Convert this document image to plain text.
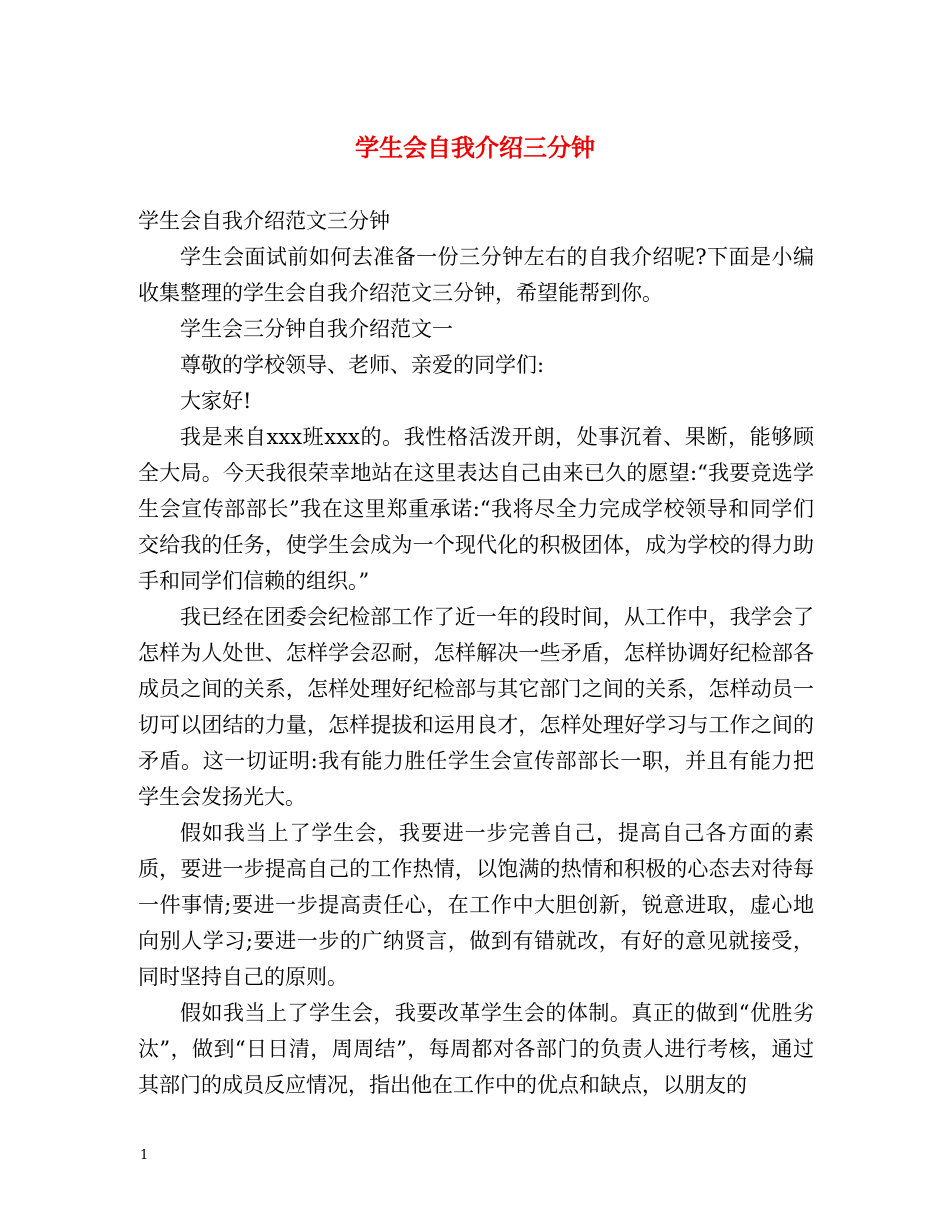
学生会自我介绍三分钟

学生会自我介绍范文三分钟

学生会面试前如何去准备一份三分钟左右的自我介绍呢?下面是小编收集整理的学生会自我介绍范文三分钟，希望能帮到你。

学生会三分钟自我介绍范文一

尊敬的学校领导、老师、亲爱的同学们:

大家好!

我是来自xxx班xxx的。我性格活泼开朗，处事沉着、果断，能够顾全大局。今天我很荣幸地站在这里表达自己由来已久的愿望:“我要竞选学生会宣传部部长”我在这里郑重承诺:“我将尽全力完成学校领导和同学们交给我的任务，使学生会成为一个现代化的积极团体，成为学校的得力助手和同学们信赖的组织。”

我已经在团委会纪检部工作了近一年的段时间，从工作中，我学会了怎样为人处世、怎样学会忍耐，怎样解决一些矛盾，怎样协调好纪检部各成员之间的关系，怎样处理好纪检部与其它部门之间的关系，怎样动员一切可以团结的力量，怎样提拔和运用良才，怎样处理好学习与工作之间的矛盾。这一切证明:我有能力胜任学生会宣传部部长一职，并且有能力把学生会发扬光大。

假如我当上了学生会，我要进一步完善自己，提高自己各方面的素质，要进一步提高自己的工作热情，以饱满的热情和积极的心态去对待每一件事情;要进一步提高责任心，在工作中大胆创新，锐意进取，虚心地向别人学习;要进一步的广纳贤言，做到有错就改，有好的意见就接受，同时坚持自己的原则。

假如我当上了学生会，我要改革学生会的体制。真正的做到“优胜劣汰”，做到“日日清，周周结”，每周都对各部门的负责人进行考核，通过其部门的成员反应情况，指出他在工作中的优点和缺点，以朋友的

1
